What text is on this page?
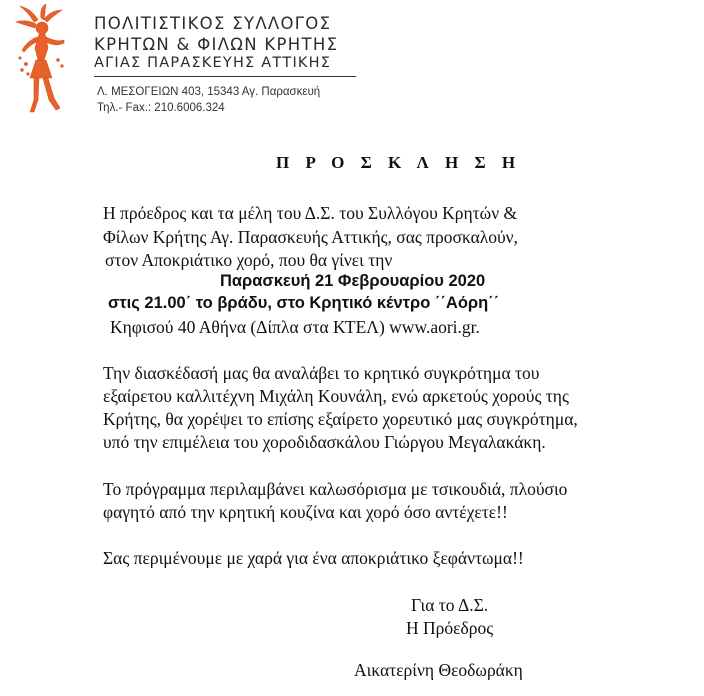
ΠΟΛΙΤΙΣΤΙΚΟΣ ΣΥΛΛΟΓΟΣ
ΚΡΗΤΩΝ & ΦΙΛΩΝ ΚΡΗΤΗΣ
ΑΓΙΑΣ ΠΑΡΑΣΚΕΥΗΣ ΑΤΤΙΚΗΣ
Λ. ΜΕΣΟΓΕΙΩΝ 403, 15343 Αγ. Παρασκευή
Τηλ.- Fax.: 210.6006.324
Π Ρ Ο Σ Κ Λ Η Σ Η
Η πρόεδρος και τα μέλη του Δ.Σ. του Συλλόγου Κρητών &
Φίλων Κρήτης Αγ. Παρασκευής Αττικής, σας προσκαλούν,
στον Αποκριάτικο χορό, που θα γίνει την
Παρασκευή 21 Φεβρουαρίου 2020
στις 21.00΄ το βράδυ, στο Κρητικό κέντρο ΄΄Αόρη΄΄
Κηφισού 40 Αθήνα (Δίπλα στα ΚΤΕΛ) www.aori.gr.
Την διασκέδασή μας θα αναλάβει το κρητικό συγκρότημα του
εξαίρετου καλλιτέχνη Μιχάλη Κουνάλη, ενώ αρκετούς χορούς της
Κρήτης, θα χορέψει το επίσης εξαίρετο χορευτικό μας συγκρότημα,
υπό την επιμέλεια του χοροδιδασκάλου Γιώργου Μεγαλακάκη.
Το πρόγραμμα περιλαμβάνει καλωσόρισμα με τσικουδιά, πλούσιο
φαγητό από την κρητική κουζίνα και χορό όσο αντέχετε!!
Σας περιμένουμε με χαρά για ένα αποκριάτικο ξεφάντωμα!!
Για το Δ.Σ.
Η Πρόεδρος
Αικατερίνη Θεοδωράκη
